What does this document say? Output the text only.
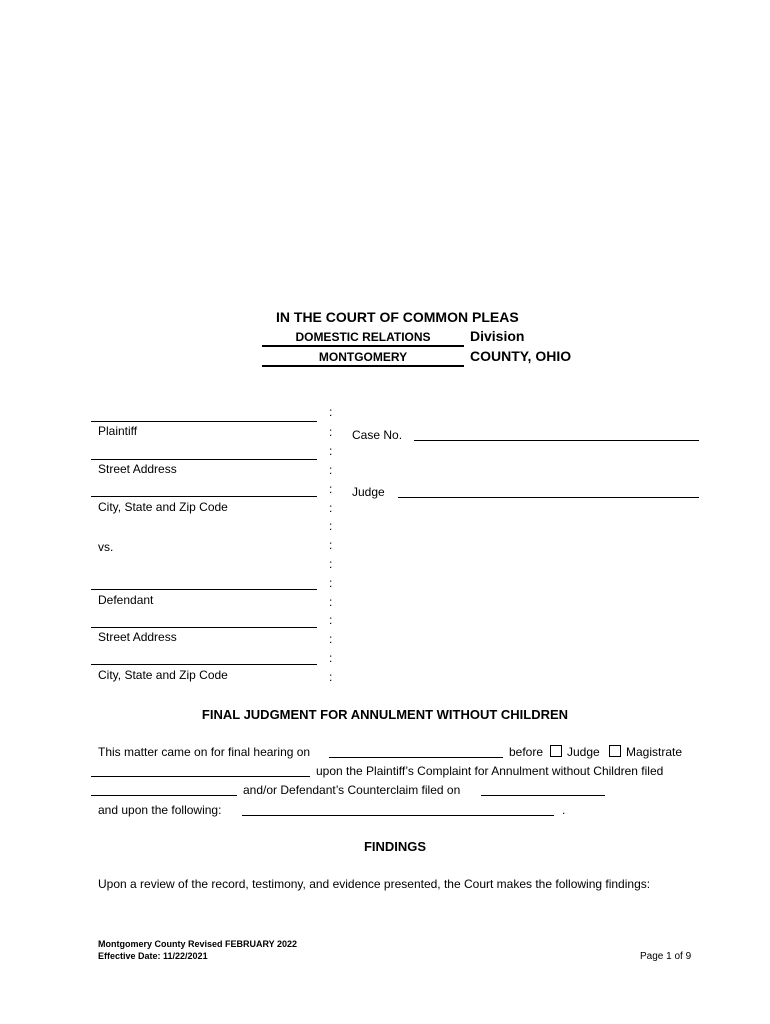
IN THE COURT OF COMMON PLEAS
DOMESTIC RELATIONS	Division
MONTGOMERY	COUNTY, OHIO
Plaintiff
Street Address
City, State and Zip Code
vs.
Defendant
Street Address
City, State and Zip Code
:
:
:
:
:
:
:
:
:
:
:
:
:
:
:
Case No.
Judge
FINAL JUDGMENT FOR ANNULMENT WITHOUT CHILDREN
This matter came on for final hearing on	before Judge Magistrate
upon the Plaintiff’s Complaint for Annulment without Children filed
and/or Defendant’s Counterclaim filed on
and upon the following:	.
FINDINGS
Upon a review of the record, testimony, and evidence presented, the Court makes the following findings:
Montgomery County Revised FEBRUARY 2022
Effective Date: 11/22/2021	Page 1 of 9
